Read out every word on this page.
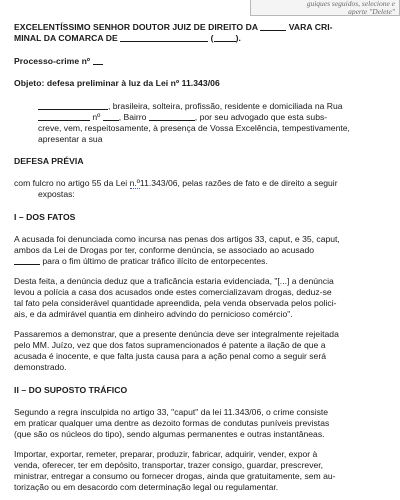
guiques seguidos, selecione e
aperte "Delete"

EXCELENTÍSSIMO SENHOR DOUTOR JUIZ DE DIREITO DA	VARA CRI-

MINAL DA COMARCA DE	(	).

Processo-crime nº

Objeto: defesa preliminar à luz da Lei nº 11.343/06

, brasileira, solteira, profissão, residente e domiciliada na Rua

nº , Bairro	, por seu advogado que esta subs-

creve, vem, respeitosamente, à presença de Vossa Excelência, tempestivamente,

apresentar a sua

DEFESA PRÉVIA

com fulcro no artigo 55 da Lei n.º11.343/06, pelas razões de fato e de direito a seguir

expostas:

I – DOS FATOS

A acusada foi denunciada como incursa nas penas dos artigos 33, caput, e 35, caput,

ambos da Lei de Drogas por ter, conforme denúncia, se associado ao acusado

para o fim último de praticar tráfico ilícito de entorpecentes.

Desta feita, a denúncia deduz que a traficância estaria evidenciada, "[...] a denúncia

levou a polícia a casa dos acusados onde estes comercializavam drogas, deduz-se

tal fato pela considerável quantidade apreendida, pela venda observada pelos polici-

ais, e da admirável quantia em dinheiro advindo do pernicioso comércio".

Passaremos a demonstrar, que a presente denúncia deve ser integralmente rejeitada

pelo MM. Juízo, vez que dos fatos supramencionados é patente a ilação de que a

acusada é inocente, e que falta justa causa para a ação penal como a seguir será

demonstrado.

II – DO SUPOSTO TRÁFICO

Segundo a regra insculpida no artigo 33, "caput" da lei 11.343/06, o crime consiste

em praticar qualquer uma dentre as dezoito formas de condutas puníveis previstas

(que são os núcleos do tipo), sendo algumas permanentes e outras instantâneas.

Importar, exportar, remeter, preparar, produzir, fabricar, adquirir, vender, expor à

venda, oferecer, ter em depósito, transportar, trazer consigo, guardar, prescrever,

ministrar, entregar a consumo ou fornecer drogas, ainda que gratuitamente, sem au-

torização ou em desacordo com determinação legal ou regulamentar.
